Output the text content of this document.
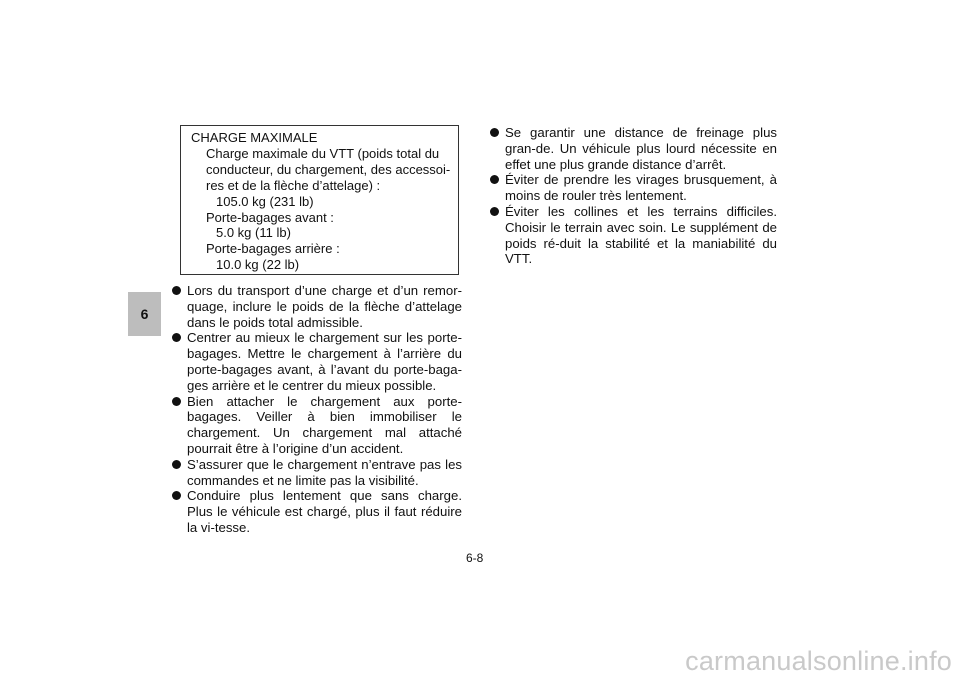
6
CHARGE MAXIMALE
Charge maximale du VTT (poids total du
conducteur, du chargement, des accessoi-
res et de la flèche d’attelage) :
105.0 kg (231 lb)
Porte-bagages avant :
5.0 kg (11 lb)
Porte-bagages arrière :
10.0 kg (22 lb)
Lors du transport d’une charge et d’un remor-quage, inclure le poids de la flèche d’attelage dans le poids total admissible.
Centrer au mieux le chargement sur les porte-bagages. Mettre le chargement à l’arrière du porte-bagages avant, à l’avant du porte-baga-ges arrière et le centrer du mieux possible.
Bien attacher le chargement aux porte-bagages. Veiller à bien immobiliser le chargement. Un chargement mal attaché pourrait être à l’origine d’un accident.
S’assurer que le chargement n’entrave pas les commandes et ne limite pas la visibilité.
Conduire plus lentement que sans charge. Plus le véhicule est chargé, plus il faut réduire la vi-tesse.
Se garantir une distance de freinage plus gran-de. Un véhicule plus lourd nécessite en effet une plus grande distance d’arrêt.
Éviter de prendre les virages brusquement, à moins de rouler très lentement.
Éviter les collines et les terrains difficiles. Choisir le terrain avec soin. Le supplément de poids ré-duit la stabilité et la maniabilité du VTT.
6-8
carmanualsonline.info
